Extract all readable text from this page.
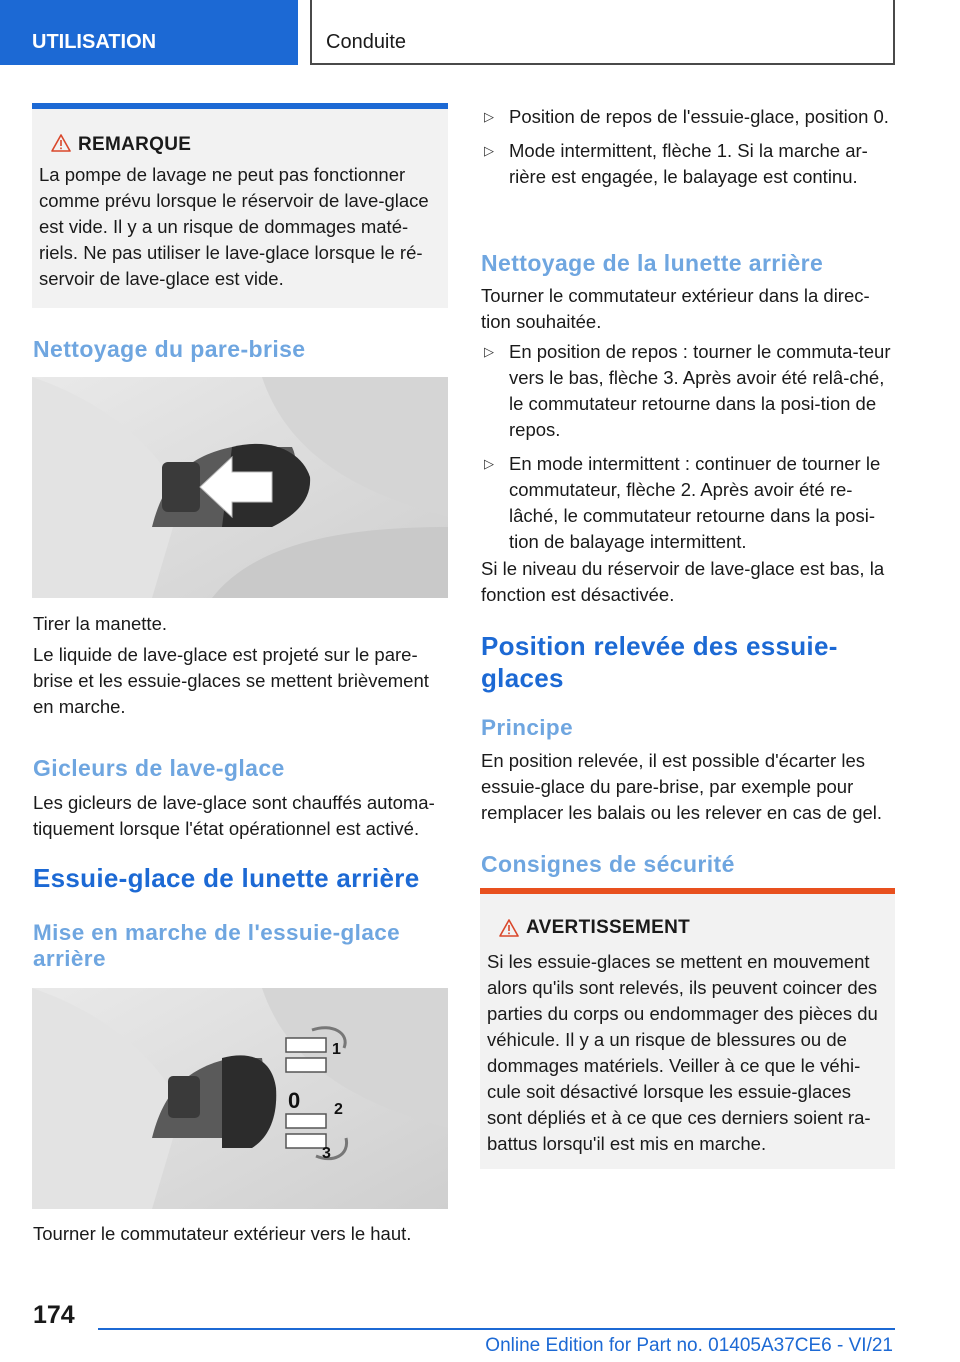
UTILISATION	Conduite
REMARQUE

La pompe de lavage ne peut pas fonctionner comme prévu lorsque le réservoir de lave-glace est vide. Il y a un risque de dommages maté-riels. Ne pas utiliser le lave-glace lorsque le ré-servoir de lave-glace est vide.

Nettoyage du pare-brise
Tirer la manette.
Le liquide de lave-glace est projeté sur le pare-brise et les essuie-glaces se mettent brièvement en marche.
Gicleurs de lave-glace
Les gicleurs de lave-glace sont chauffés automa-tiquement lorsque l'état opérationnel est activé.
Essuie-glace de lunette arrière
Mise en marche de l'essuie-glace arrière
0
1
2
3
Tourner le commutateur extérieur vers le haut.
▷ Position de repos de l'essuie-glace, position 0.
▷ Mode intermittent, flèche 1. Si la marche ar-rière est engagée, le balayage est continu.
Nettoyage de la lunette arrière
Tourner le commutateur extérieur dans la direc-tion souhaitée.
▷ En position de repos : tourner le commuta-teur vers le bas, flèche 3. Après avoir été relâ-ché, le commutateur retourne dans la posi-tion de repos.
▷ En mode intermittent : continuer de tourner le commutateur, flèche 2. Après avoir été re-lâché, le commutateur retourne dans la posi-tion de balayage intermittent.
Si le niveau du réservoir de lave-glace est bas, la fonction est désactivée.
Position relevée des essuie-glaces
Principe
En position relevée, il est possible d'écarter les essuie-glace du pare-brise, par exemple pour remplacer les balais ou les relever en cas de gel.
Consignes de sécurité
AVERTISSEMENT

Si les essuie-glaces se mettent en mouvement alors qu'ils sont relevés, ils peuvent coincer des parties du corps ou endommager des pièces du véhicule. Il y a un risque de blessures ou de dommages matériels. Veiller à ce que le véhi-cule soit désactivé lorsque les essuie-glaces sont dépliés et à ce que ces derniers soient ra-battus lorsqu'il est mis en marche.

174
Online Edition for Part no. 01405A37CE6 - VI/21
